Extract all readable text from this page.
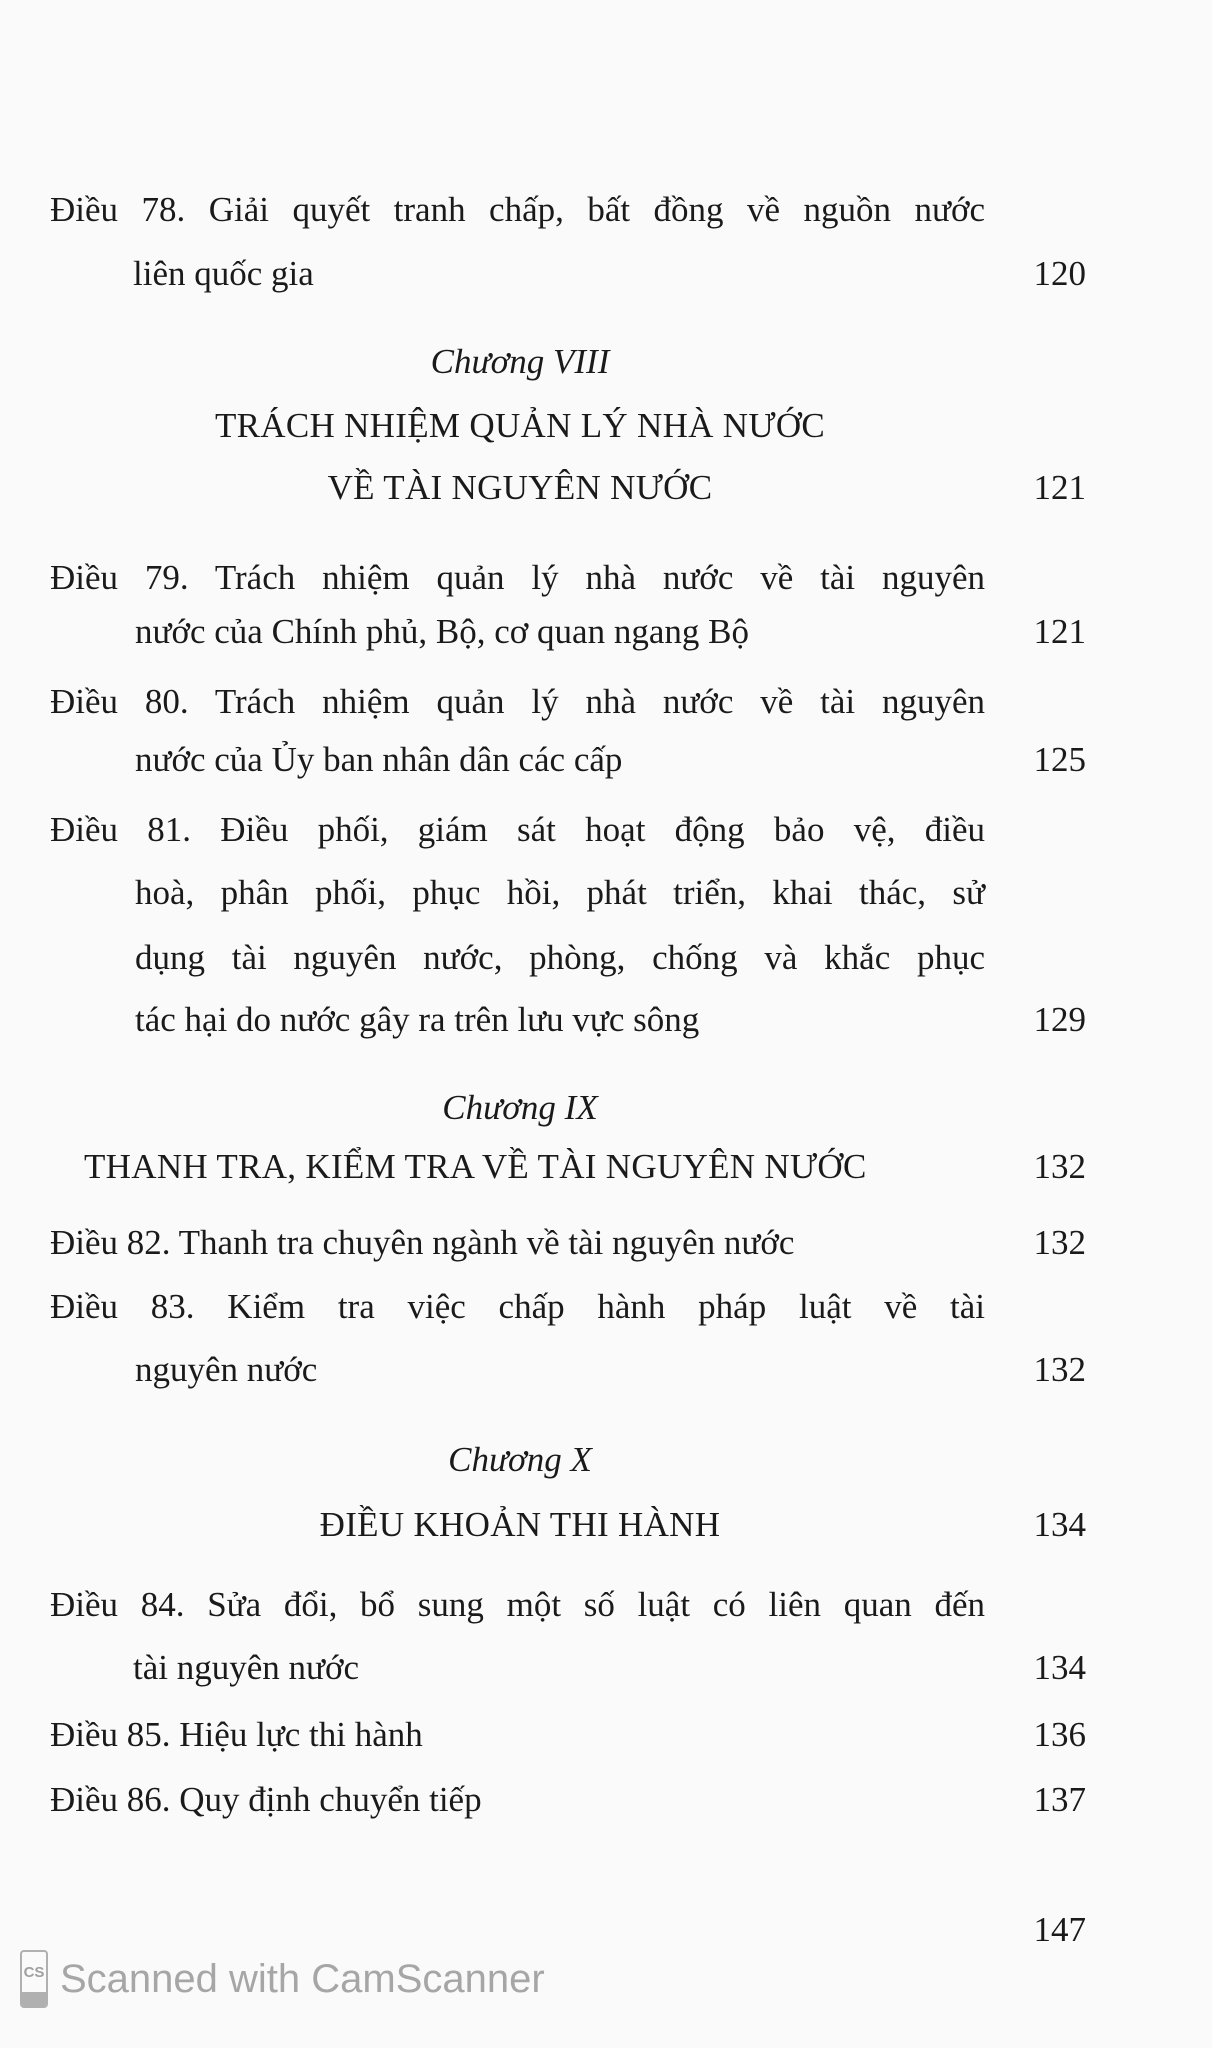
Điều 78. Giải quyết tranh chấp, bất đồng về nguồn nước
liên quốc gia	120
Chương VIII
TRÁCH NHIỆM QUẢN LÝ NHÀ NƯỚC
VỀ TÀI NGUYÊN NƯỚC	121
Điều 79. Trách nhiệm quản lý nhà nước về tài nguyên
nước của Chính phủ, Bộ, cơ quan ngang Bộ	121
Điều 80. Trách nhiệm quản lý nhà nước về tài nguyên
nước của Ủy ban nhân dân các cấp	125
Điều 81. Điều phối, giám sát hoạt động bảo vệ, điều
hoà, phân phối, phục hồi, phát triển, khai thác, sử
dụng tài nguyên nước, phòng, chống và khắc phục
tác hại do nước gây ra trên lưu vực sông	129
Chương IX
THANH TRA, KIỂM TRA VỀ TÀI NGUYÊN NƯỚC	132
Điều 82. Thanh tra chuyên ngành về tài nguyên nước	132
Điều 83. Kiểm tra việc chấp hành pháp luật về tài
nguyên nước	132
Chương X
ĐIỀU KHOẢN THI HÀNH	134
Điều 84. Sửa đổi, bổ sung một số luật có liên quan đến
tài nguyên nước	134
Điều 85. Hiệu lực thi hành	136
Điều 86. Quy định chuyển tiếp	137
147
CS Scanned with CamScanner
